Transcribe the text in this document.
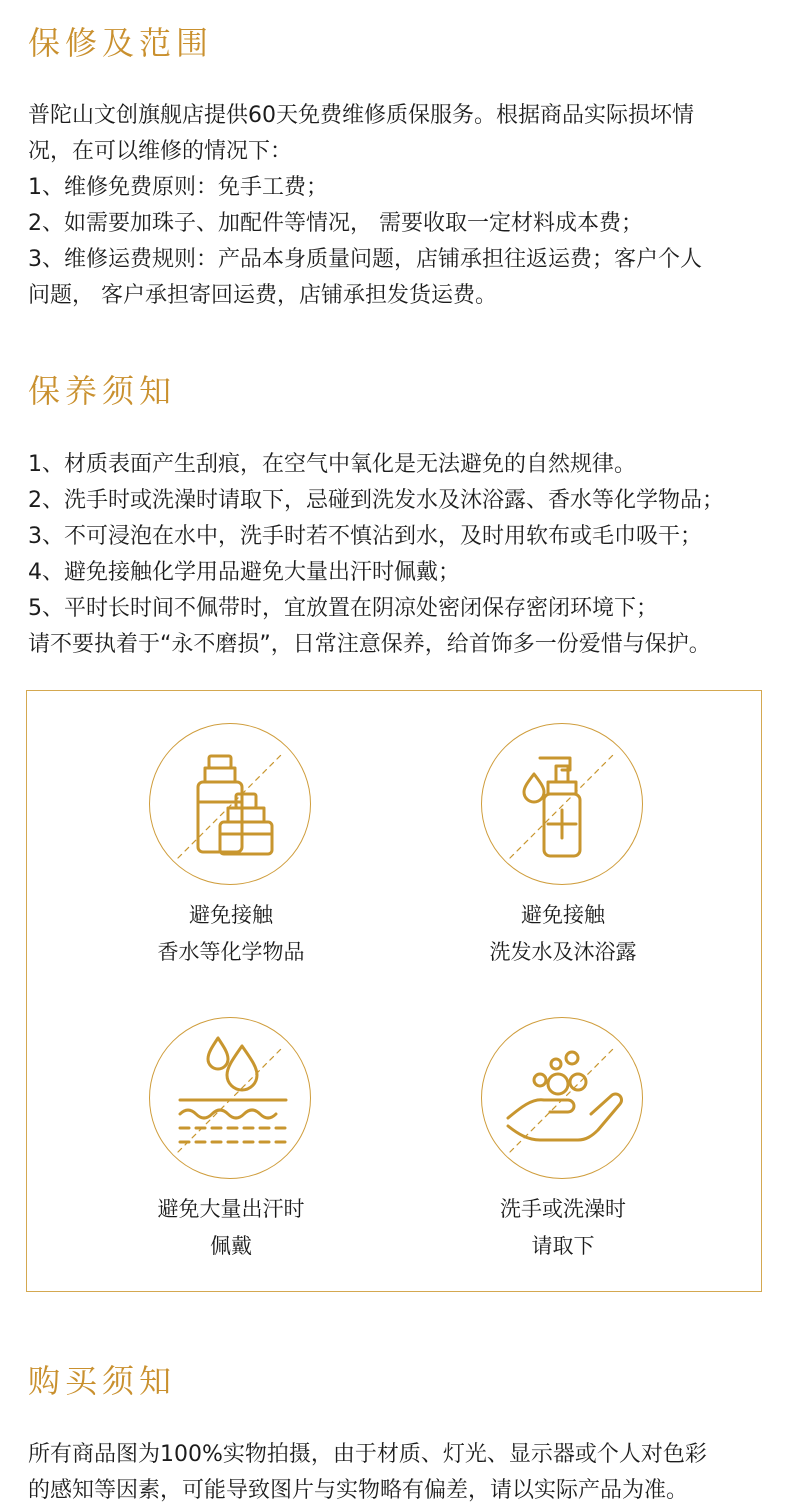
保修及范围

普陀山文创旗舰店提供60天免费维修质保服务。根据商品实际损坏情

况，在可以维修的情况下：

1、维修免费原则：免手工费；

2、如需要加珠子、加配件等情况， 需要收取一定材料成本费；

3、维修运费规则：产品本身质量问题，店铺承担往返运费；客户个人

问题， 客户承担寄回运费，店铺承担发货运费。

保养须知

1、材质表面产生刮痕，在空气中氧化是无法避免的自然规律。

2、洗手时或洗澡时请取下，忌碰到洗发水及沐浴露、香水等化学物品；

3、不可浸泡在水中，洗手时若不慎沾到水，及时用软布或毛巾吸干；

4、避免接触化学用品避免大量出汗时佩戴；

5、平时长时间不佩带时，宜放置在阴凉处密闭保存密闭环境下；

请不要执着于“永不磨损”，日常注意保养，给首饰多一份爱惜与保护。

避免接触
香水等化学物品
避免接触
洗发水及沐浴露
避免大量出汗时
佩戴
洗手或洗澡时
请取下
购买须知

所有商品图为100%实物拍摄，由于材质、灯光、显示器或个人对色彩

的感知等因素，可能导致图片与实物略有偏差，请以实际产品为准。
